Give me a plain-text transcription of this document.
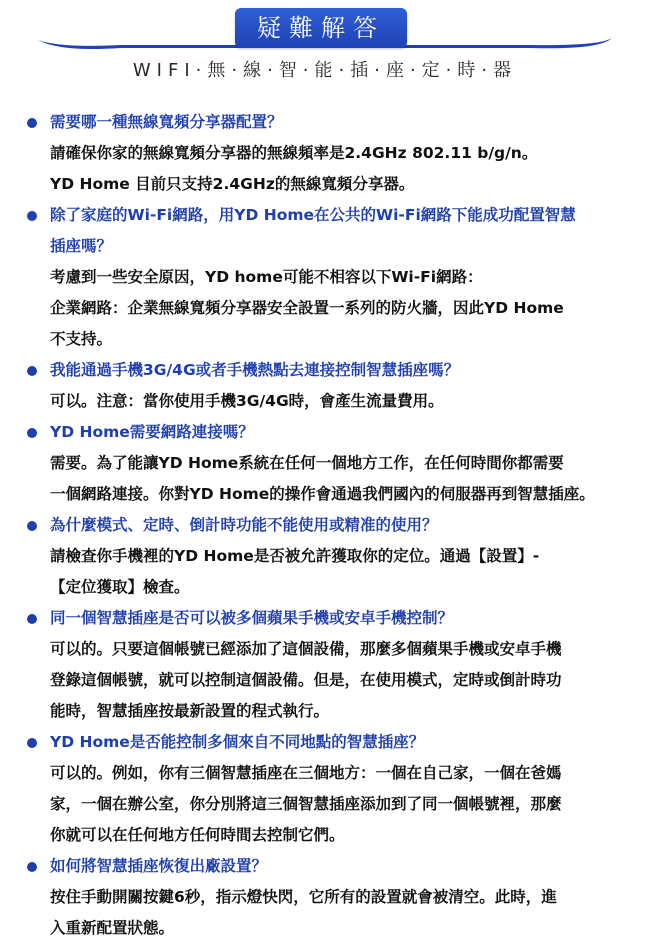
疑難解答
WIFI·無·線·智·能·插·座·定·時·器
需要哪一種無線寬頻分享器配置？
請確保你家的無線寬頻分享器的無線頻率是2.4GHz 802.11 b/g/n。
YD Home 目前只支持2.4GHz的無線寬頻分享器。
除了家庭的Wi-Fi網路，用YD Home在公共的Wi-Fi網路下能成功配置智慧
插座嗎？
考慮到一些安全原因，YD home可能不相容以下Wi-Fi網路：
企業網路：企業無線寬頻分享器安全設置一系列的防火牆，因此YD Home
不支持。
我能通過手機3G/4G或者手機熱點去連接控制智慧插座嗎？
可以。注意：當你使用手機3G/4G時，會產生流量費用。
YD Home需要網路連接嗎？
需要。為了能讓YD Home系統在任何一個地方工作，在任何時間你都需要
一個網路連接。你對YD Home的操作會通過我們國內的伺服器再到智慧插座。
為什麼模式、定時、倒計時功能不能使用或精准的使用？
請檢查你手機裡的YD Home是否被允許獲取你的定位。通過【設置】-
【定位獲取】檢查。
同一個智慧插座是否可以被多個蘋果手機或安卓手機控制？
可以的。只要這個帳號已經添加了這個設備，那麼多個蘋果手機或安卓手機
登錄這個帳號，就可以控制這個設備。但是，在使用模式，定時或倒計時功
能時，智慧插座按最新設置的程式執行。
YD Home是否能控制多個來自不同地點的智慧插座？
可以的。例如，你有三個智慧插座在三個地方：一個在自己家，一個在爸媽
家，一個在辦公室，你分別將這三個智慧插座添加到了同一個帳號裡，那麼
你就可以在任何地方任何時間去控制它們。
如何將智慧插座恢復出廠設置？
按住手動開關按鍵6秒，指示燈快閃，它所有的設置就會被清空。此時，進
入重新配置狀態。
